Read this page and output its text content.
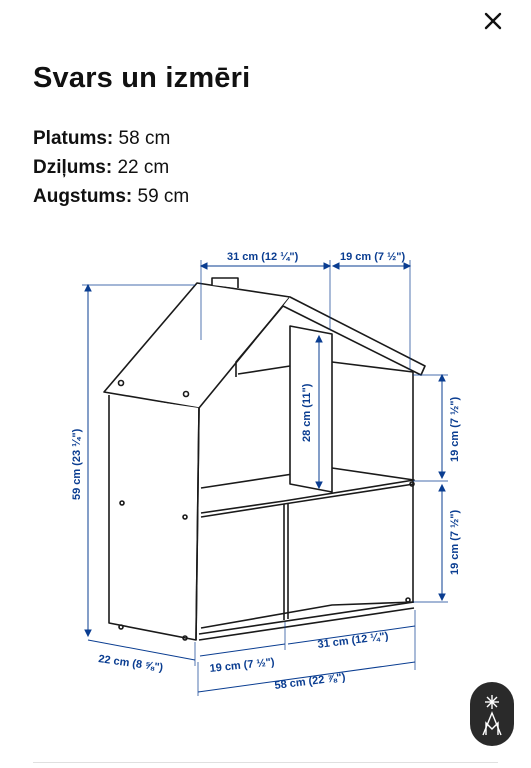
Svars un izmēri
Platums: 58 cm
Dziļums: 22 cm
Augstums: 59 cm
31 cm (12 ¼")	19 cm (7 ½")
59 cm (23 ¼")
28 cm (11")	19 cm (7 ½")
19 cm (7 ½")
22 cm (8 ⅝")	19 cm (7 ½")
31 cm (12 ¼")
58 cm (22 ⅞")
